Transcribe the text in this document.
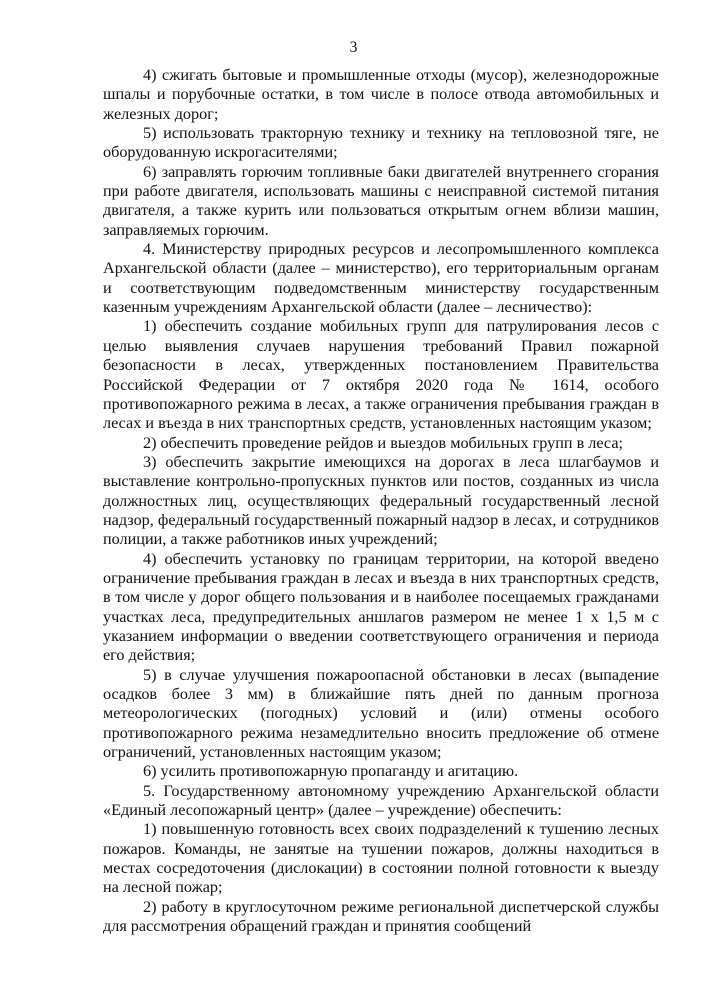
3

4) сжигать бытовые и промышленные отходы (мусор), железнодорожные шпалы и порубочные остатки, в том числе в полосе отвода автомобильных и железных дорог;

5) использовать тракторную технику и технику на тепловозной тяге, не оборудованную искрогасителями;

6) заправлять горючим топливные баки двигателей внутреннего сгорания при работе двигателя, использовать машины с неисправной системой питания двигателя, а также курить или пользоваться открытым огнем вблизи машин, заправляемых горючим.

4. Министерству природных ресурсов и лесопромышленного комплекса Архангельской области (далее – министерство), его территориальным органам и соответствующим подведомственным министерству государственным казенным учреждениям Архангельской области (далее – лесничество):

1) обеспечить создание мобильных групп для патрулирования лесов с целью выявления случаев нарушения требований Правил пожарной безопасности в лесах, утвержденных постановлением Правительства Российской Федерации от 7 октября 2020 года № 1614, особого противопожарного режима в лесах, а также ограничения пребывания граждан в лесах и въезда в них транспортных средств, установленных настоящим указом;

2) обеспечить проведение рейдов и выездов мобильных групп в леса;

3) обеспечить закрытие имеющихся на дорогах в леса шлагбаумов и выставление контрольно-пропускных пунктов или постов, созданных из числа должностных лиц, осуществляющих федеральный государственный лесной надзор, федеральный государственный пожарный надзор в лесах, и сотрудников полиции, а также работников иных учреждений;

4) обеспечить установку по границам территории, на которой введено ограничение пребывания граждан в лесах и въезда в них транспортных средств, в том числе у дорог общего пользования и в наиболее посещаемых гражданами участках леса, предупредительных аншлагов размером не менее 1 х 1,5 м с указанием информации о введении соответствующего ограничения и периода его действия;

5) в случае улучшения пожароопасной обстановки в лесах (выпадение осадков более 3 мм) в ближайшие пять дней по данным прогноза метеорологических (погодных) условий и (или) отмены особого противопожарного режима незамедлительно вносить предложение об отмене ограничений, установленных настоящим указом;

6) усилить противопожарную пропаганду и агитацию.

5. Государственному автономному учреждению Архангельской области «Единый лесопожарный центр» (далее – учреждение) обеспечить:

1) повышенную готовность всех своих подразделений к тушению лесных пожаров. Команды, не занятые на тушении пожаров, должны находиться в местах сосредоточения (дислокации) в состоянии полной готовности к выезду на лесной пожар;

2) работу в круглосуточном режиме региональной диспетчерской службы для рассмотрения обращений граждан и принятия сообщений
